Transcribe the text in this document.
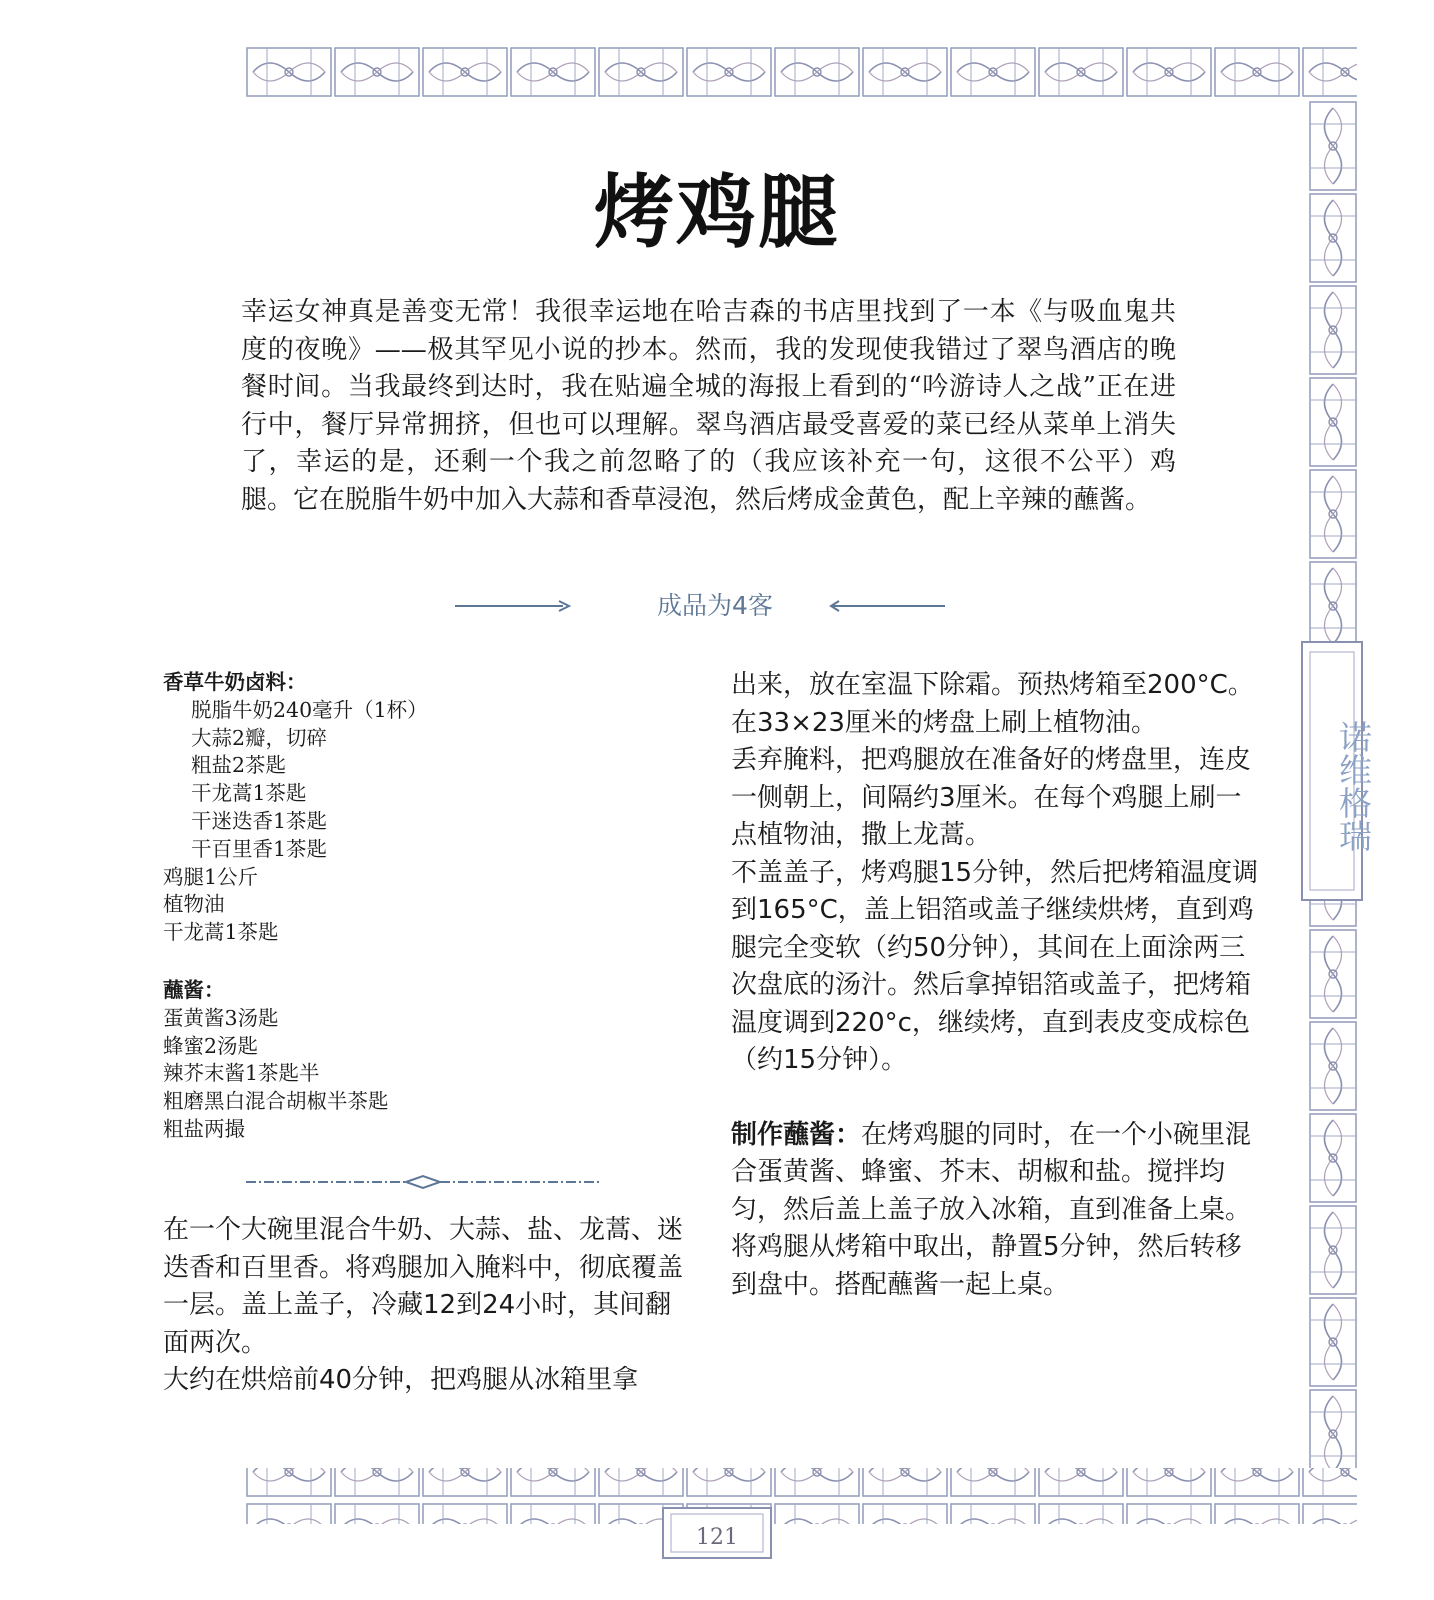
烤鸡腿

幸运女神真是善变无常！我很幸运地在哈吉森的书店里找到了一本《与吸血鬼共度的夜晚》——极其罕见小说的抄本。然而，我的发现使我错过了翠鸟酒店的晚餐时间。当我最终到达时，我在贴遍全城的海报上看到的“吟游诗人之战”正在进行中，餐厅异常拥挤，但也可以理解。翠鸟酒店最受喜爱的菜已经从菜单上消失了，幸运的是，还剩一个我之前忽略了的（我应该补充一句，这很不公平）鸡腿。它在脱脂牛奶中加入大蒜和香草浸泡，然后烤成金黄色，配上辛辣的蘸酱。

成品为4客
香草牛奶卤料：
脱脂牛奶240毫升（1杯）
大蒜2瓣，切碎
粗盐2茶匙
干龙蒿1茶匙
干迷迭香1茶匙
干百里香1茶匙
鸡腿1公斤
植物油
干龙蒿1茶匙
蘸酱：
蛋黄酱3汤匙
蜂蜜2汤匙
辣芥末酱1茶匙半
粗磨黑白混合胡椒半茶匙
粗盐两撮
在一个大碗里混合牛奶、大蒜、盐、龙蒿、迷迭香和百里香。将鸡腿加入腌料中，彻底覆盖一层。盖上盖子，冷藏12到24小时，其间翻面两次。
大约在烘焙前40分钟，把鸡腿从冰箱里拿
出来，放在室温下除霜。预热烤箱至200°C。在33×23厘米的烤盘上刷上植物油。
丢弃腌料，把鸡腿放在准备好的烤盘里，连皮一侧朝上，间隔约3厘米。在每个鸡腿上刷一点植物油，撒上龙蒿。
不盖盖子，烤鸡腿15分钟，然后把烤箱温度调到165°C，盖上铝箔或盖子继续烘烤，直到鸡腿完全变软（约50分钟），其间在上面涂两三次盘底的汤汁。然后拿掉铝箔或盖子，把烤箱温度调到220°c，继续烤，直到表皮变成棕色（约15分钟）。
制作蘸酱：在烤鸡腿的同时，在一个小碗里混合蛋黄酱、蜂蜜、芥末、胡椒和盐。搅拌均匀，然后盖上盖子放入冰箱，直到准备上桌。
将鸡腿从烤箱中取出，静置5分钟，然后转移到盘中。搭配蘸酱一起上桌。
121
诺维格瑞
